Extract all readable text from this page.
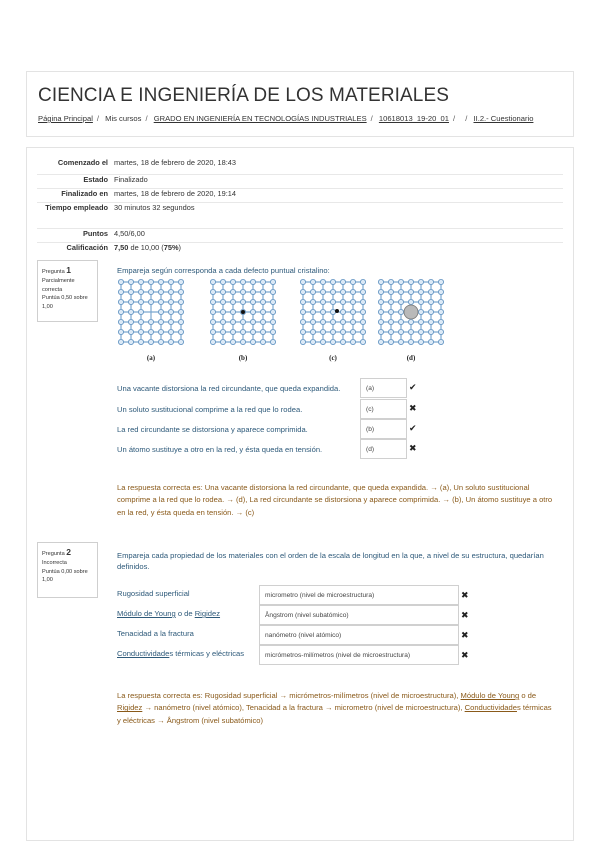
CIENCIA E INGENIERÍA DE LOS MATERIALES
Página Principal / Mis cursos / GRADO EN INGENIERÍA EN TECNOLOGÍAS INDUSTRIALES / 10618013_19-20_01 / / II.2.- Cuestionario
Comenzado el	martes, 18 de febrero de 2020, 18:43
Estado	Finalizado
Finalizado en	martes, 18 de febrero de 2020, 19:14
Tiempo empleado	30 minutos 32 segundos
Puntos	4,50/6,00
Calificación	7,50 de 10,00 (75%)
Pregunta 1
Parcialmente correcta
Puntúa 0,50 sobre 1,00
Empareja según corresponda a cada defecto puntual cristalino:
(a)	(b)	(c)	(d)
Una vacante distorsiona la red circundante, que queda expandida.	(a)	✔
Un soluto sustitucional comprime a la red que lo rodea.	(c)	✖
La red circundante se distorsiona y aparece comprimida.	(b)	✔
Un átomo sustituye a otro en la red, y ésta queda en tensión.	(d)	✖
La respuesta correcta es: Una vacante distorsiona la red circundante, que queda expandida. → (a), Un soluto sustitucional comprime a la red que lo rodea. → (d), La red circundante se distorsiona y aparece comprimida. → (b), Un átomo sustituye a otro en la red, y ésta queda en tensión. → (c)
Pregunta 2
Incorrecta
Puntúa 0,00 sobre 1,00
Empareja cada propiedad de los materiales con el orden de la escala de longitud en la que, a nivel de su estructura, quedarían definidos.
Rugosidad superficial	micrometro (nivel de microestructura)	✖
Módulo de Young o de Rigidez	Ångstrom (nivel subatómico)	✖
Tenacidad a la fractura	nanómetro (nivel atómico)	✖
Conductividades térmicas y eléctricas	micrómetros-milímetros (nivel de microestructura)	✖
La respuesta correcta es: Rugosidad superficial → micrómetros-milímetros (nivel de microestructura), Módulo de Young o de Rigidez → nanómetro (nivel atómico), Tenacidad a la fractura → micrometro (nivel de microestructura), Conductividades térmicas y eléctricas → Ångstrom (nivel subatómico)
